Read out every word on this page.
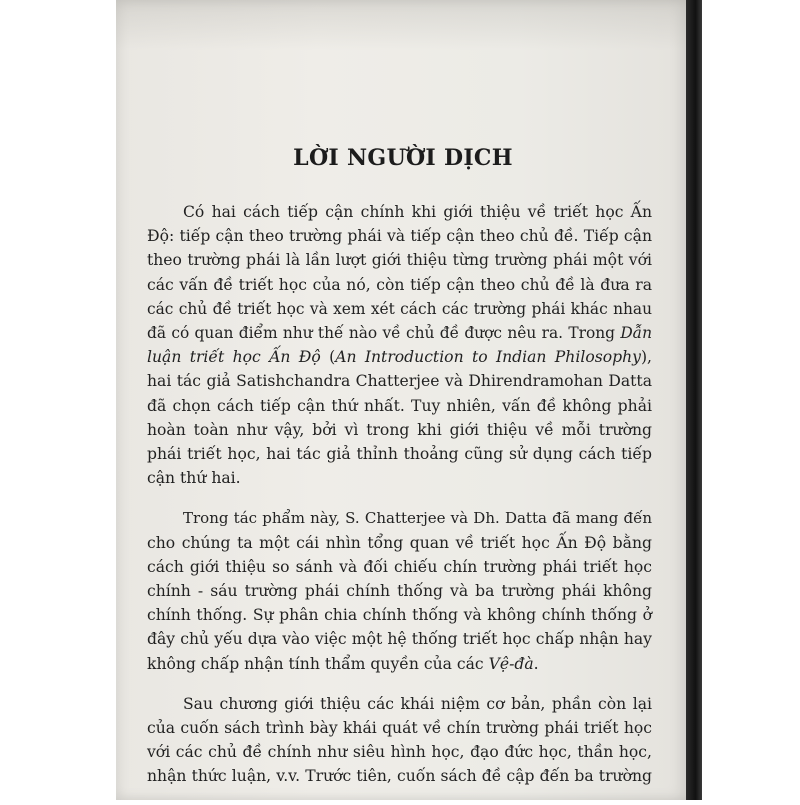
LỜI NGƯỜI DỊCH
Có hai cách tiếp cận chính khi giới thiệu về triết học Ấn
Độ: tiếp cận theo trường phái và tiếp cận theo chủ đề. Tiếp cận
theo trường phái là lần lượt giới thiệu từng trường phái một với
các vấn đề triết học của nó, còn tiếp cận theo chủ đề là đưa ra
các chủ đề triết học và xem xét cách các trường phái khác nhau
đã có quan điểm như thế nào về chủ đề được nêu ra. Trong Dẫn
luận triết học Ấn Độ (An Introduction to Indian Philosophy),
hai tác giả Satishchandra Chatterjee và Dhirendramohan Datta
đã chọn cách tiếp cận thứ nhất. Tuy nhiên, vấn đề không phải
hoàn toàn như vậy, bởi vì trong khi giới thiệu về mỗi trường
phái triết học, hai tác giả thỉnh thoảng cũng sử dụng cách tiếp
cận thứ hai.
Trong tác phẩm này, S. Chatterjee và Dh. Datta đã mang đến
cho chúng ta một cái nhìn tổng quan về triết học Ấn Độ bằng
cách giới thiệu so sánh và đối chiếu chín trường phái triết học
chính - sáu trường phái chính thống và ba trường phái không
chính thống. Sự phân chia chính thống và không chính thống ở
đây chủ yếu dựa vào việc một hệ thống triết học chấp nhận hay
không chấp nhận tính thẩm quyền của các Vệ-đà.
Sau chương giới thiệu các khái niệm cơ bản, phần còn lại
của cuốn sách trình bày khái quát về chín trường phái triết học
với các chủ đề chính như siêu hình học, đạo đức học, thần học,
nhận thức luận, v.v. Trước tiên, cuốn sách đề cập đến ba trường
